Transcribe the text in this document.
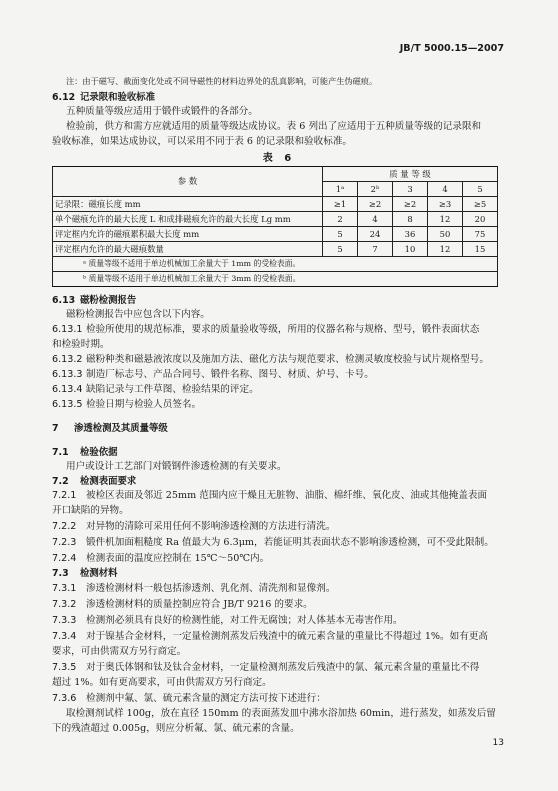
JB/T 5000.15—2007
注：由于磁写、截面变化处或不同导磁性的材料边界处的乱真影响，可能产生伪磁痕。
6.12 记录限和验收标准
五种质量等级应适用于锻件或锻件的各部分。
检验前，供方和需方应就适用的质量等级达成协议。表 6 列出了应适用于五种质量等级的记录限和
验收标准，如果达成协议，可以采用不同于表 6 的记录限和验收标准。
表 6
参 数	质 量 等 级				
	1ᵃ	2ᵇ	3	4	5
记录限：磁痕长度 mm	≥1	≥2	≥2	≥3	≥5
单个磁痕允许的最大长度 L 和成排磁痕允许的最大长度 Lg mm	2	4	8	12	20
评定框内允许的磁痕累积最大长度 mm	5	24	36	50	75
评定框内允许的最大磁痕数量	5	7	10	12	15
ᵃ 质量等级不适用于单边机械加工余量大于 1mm 的受检表面。					
ᵇ 质量等级不适用于单边机械加工余量大于 3mm 的受检表面。					
6.13 磁粉检测报告
磁粉检测报告中应包含以下内容。
6.13.1 检验所使用的规范标准，要求的质量验收等级，所用的仪器名称与规格、型号，锻件表面状态
和检验时期。
6.13.2 磁粉种类和磁悬液浓度以及施加方法、磁化方法与规范要求、检测灵敏度校验与试片规格型号。
6.13.3 制造厂标志号、产品合同号、锻件名称、图号、材质、炉号、卡号。
6.13.4 缺陷记录与工件草图、检验结果的评定。
6.13.5 检验日期与检验人员签名。
7 渗透检测及其质量等级
7.1 检验依据
用户或设计工艺部门对锻钢件渗透检测的有关要求。
7.2 检测表面要求
7.2.1 被检区表面及邻近 25mm 范围内应干燥且无脏物、油脂、棉纤维、氧化皮、油或其他掩盖表面
开口缺陷的异物。
7.2.2 对异物的清除可采用任何不影响渗透检测的方法进行清洗。
7.2.3 锻件机加面粗糙度 Ra 值最大为 6.3μm，若能证明其表面状态不影响渗透检测，可不受此限制。
7.2.4 检测表面的温度应控制在 15℃～50℃内。
7.3 检测材料
7.3.1 渗透检测材料一般包括渗透剂、乳化剂、清洗剂和显像剂。
7.3.2 渗透检测材料的质量控制应符合 JB/T 9216 的要求。
7.3.3 检测剂必须具有良好的检测性能，对工件无腐蚀；对人体基本无毒害作用。
7.3.4 对于镍基合金材料，一定量检测剂蒸发后残渣中的硫元素含量的重量比不得超过 1%。如有更高
要求，可由供需双方另行商定。
7.3.5 对于奥氏体钢和钛及钛合金材料，一定量检测剂蒸发后残渣中的氯、氟元素含量的重量比不得
超过 1%。如有更高要求，可由供需双方另行商定。
7.3.6 检测剂中氟、氯、硫元素含量的测定方法可按下述进行：
取检测剂试样 100g，放在直径 150mm 的表面蒸发皿中沸水浴加热 60min，进行蒸发，如蒸发后留
下的残渣超过 0.005g，则应分析氟、氯、硫元素的含量。
13
